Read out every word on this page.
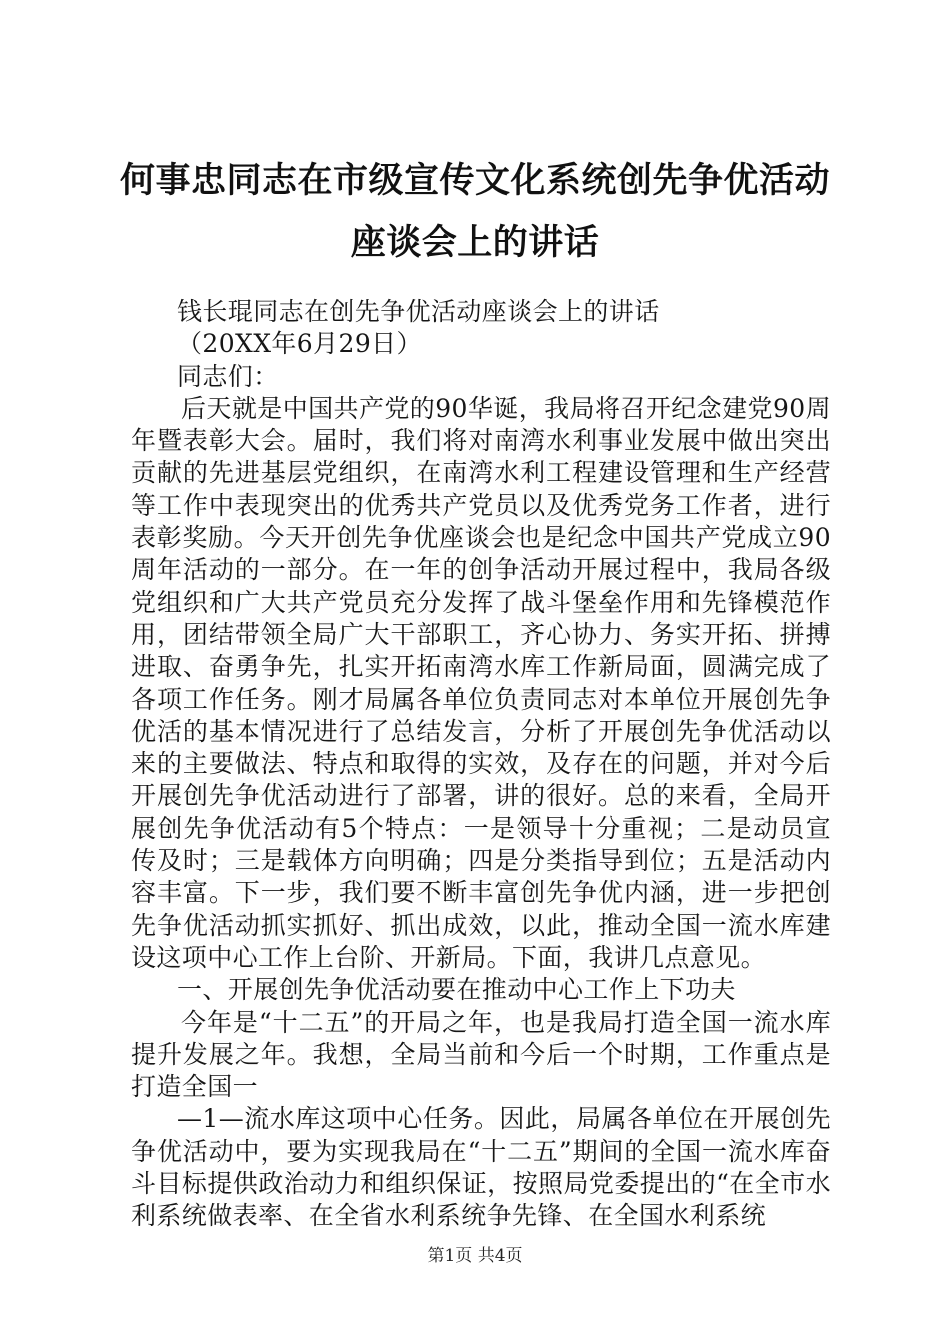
何事忠同志在市级宣传文化系统创先争优活动座谈会上的讲话

钱长琨同志在创先争优活动座谈会上的讲话

（20XX年6月29日）

同志们：

后天就是中国共产党的90华诞，我局将召开纪念建党90周年暨表彰大会。届时，我们将对南湾水利事业发展中做出突出贡献的先进基层党组织，在南湾水利工程建设管理和生产经营等工作中表现突出的优秀共产党员以及优秀党务工作者，进行表彰奖励。今天开创先争优座谈会也是纪念中国共产党成立90周年活动的一部分。在一年的创争活动开展过程中，我局各级党组织和广大共产党员充分发挥了战斗堡垒作用和先锋模范作用，团结带领全局广大干部职工，齐心协力、务实开拓、拼搏进取、奋勇争先，扎实开拓南湾水库工作新局面，圆满完成了各项工作任务。刚才局属各单位负责同志对本单位开展创先争优活的基本情况进行了总结发言，分析了开展创先争优活动以来的主要做法、特点和取得的实效，及存在的问题，并对今后开展创先争优活动进行了部署，讲的很好。总的来看，全局开展创先争优活动有5个特点：一是领导十分重视；二是动员宣传及时；三是载体方向明确；四是分类指导到位；五是活动内容丰富。下一步，我们要不断丰富创先争优内涵，进一步把创先争优活动抓实抓好、抓出成效，以此，推动全国一流水库建设这项中心工作上台阶、开新局。下面，我讲几点意见。

一、开展创先争优活动要在推动中心工作上下功夫

今年是“十二五”的开局之年，也是我局打造全国一流水库提升发展之年。我想，全局当前和今后一个时期，工作重点是打造全国一

—1—流水库这项中心任务。因此，局属各单位在开展创先争优活动中，要为实现我局在“十二五”期间的全国一流水库奋斗目标提供政治动力和组织保证，按照局党委提出的“在全市水利系统做表率、在全省水利系统争先锋、在全国水利系统

第1页 共4页
